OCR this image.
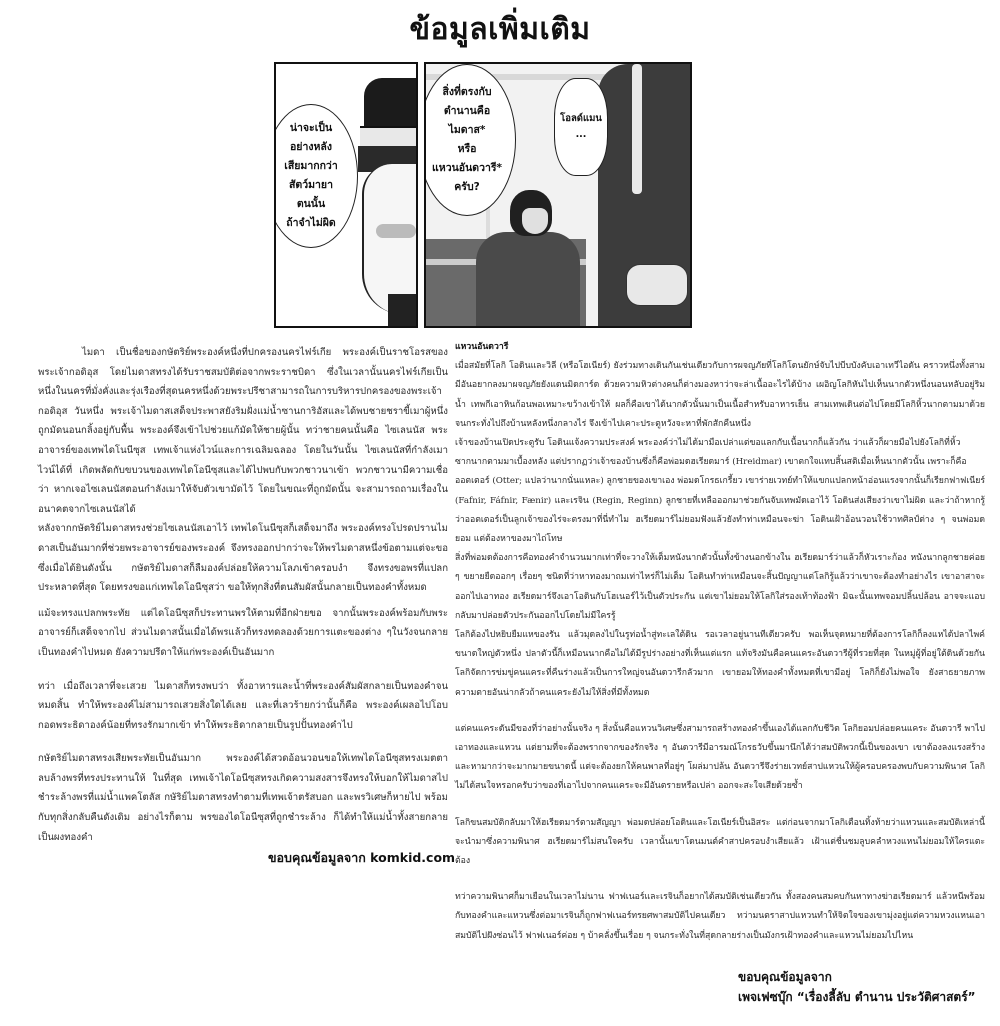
ข้อมูลเพิ่มเติม
น่าจะเป็น
อย่างหลัง
เสียมากกว่า
สัตว์มายา
ตนนั้น
ถ้าจำไม่ผิด
สิ่งที่ตรงกับ
ตำนานคือ
ไมดาส*
หรือ
แหวนอันดวารี*
ครับ?
โอลด์แมน
...

ไมดา เป็นชื่อของกษัตริย์พระองค์หนึ่งที่ปกครองนครไฟร์เกีย พระองค์เป็นราชโอรสของ พระเจ้ากอดิอุส โดยไมดาสทรงได้รับราชสมบัติต่อจากพระราชบิดา ซึ่งในเวลานั้นนครไฟร์เกียเป็นหนึ่งในนครที่มั่งคั่งและรุ่งเรืองที่สุดนครหนึ่งด้วยพระปรีชาสามารถในการบริหารปกครองของพระเจ้ากอดิอุส วันหนึ่ง พระเจ้าไมดาสเสด็จประพาสยังริมฝั่งแม่น้ำซานการิอัสและได้พบชายชราขี้เมาผู้หนึ่งถูกมัดนอนกลิ้งอยู่กับพื้น พระองค์จึงเข้าไปช่วยแก้มัดให้ชายผู้นั้น ทว่าชายคนนั้นคือ ไซเลนนัส พระอาจารย์ของเทพไดโนนีซุส เทพเจ้าแห่งไวน์และการเฉลิมฉลอง โดยในวันนั้น ไซเลนนัสที่กำลังเมาไวน์ได้ที่ เกิดพลัดกับขบวนของเทพไดโอนีซุสและได้ไปพบกับพวกชาวนาเข้า พวกชาวนามีความเชื่อว่า หากเจอไซเลนนัสตอนกำลังเมาให้จับตัวเขามัดไว้ โดยในขณะที่ถูกมัดนั้น จะสามารถถามเรื่องในอนาคตจากไซเลนนัสได้

หลังจากกษัตริย์ไมดาสทรงช่วยไซเลนนัสเอาไว้ เทพไดโนนีซุสก็เสด็จมาถึง พระองค์ทรงโปรดปรานไมดาสเป็นอันมากที่ช่วยพระอาจารย์ของพระองค์ จึงทรงออกปากว่าจะให้พรไมดาสหนึ่งข้อตามแต่จะขอ ซึ่งเมื่อได้ยินดังนั้น กษัตริย์ไมดาสก็ลืมองค์ปล่อยให้ความโลภเข้าครอบงำ จึงทรงขอพรที่แปลกประหลาดที่สุด โดยทรงขอแก่เทพไดโอนีซุสว่า ขอให้ทุกสิ่งที่ตนสัมผัสนั้นกลายเป็นทองคำทั้งหมด

แม้จะทรงแปลกพระทัย แต่ไดโอนีซุสก็ประทานพรให้ตามที่อีกฝ่ายขอ จากนั้นพระองค์พร้อมกับพระอาจารย์ก็เสด็จจากไป ส่วนไมดาสนั้นเมื่อได้พรแล้วก็ทรงทดลองด้วยการแตะของต่าง ๆในวังจนกลายเป็นทองคำไปหมด ยังความปรีดาให้แก่พระองค์เป็นอันมาก

ทว่า เมื่อถึงเวลาที่จะเสวย ไมดาสก็ทรงพบว่า ทั้งอาหารและน้ำที่พระองค์สัมผัสกลายเป็นทองคำจนหมดสิ้น ทำให้พระองค์ไม่สามารถเสวยสิ่งใดได้เลย และที่เลวร้ายกว่านั้นก็คือ พระองค์เผลอไปโอบกอดพระธิดาองค์น้อยที่ทรงรักมากเข้า ทำให้พระธิดากลายเป็นรูปปั้นทองคำไป

กษัตริย์ไมดาสทรงเสียพระทัยเป็นอันมาก พระองค์ได้สวดอ้อนวอนขอให้เทพไดโอนีซุสทรงเมตตาลบล้างพรที่ทรงประทานให้ ในที่สุด เทพเจ้าไดโอนีซุสทรงเกิดความสงสารจึงทรงให้บอกให้ไมดาสไปชำระล้างพรที่แม่น้ำแพคโตลัส กษัริย์ไมดาสทรงทำตามที่เทพเจ้าตรัสบอก และพรวิเศษก็หายไป พร้อมกับทุกสิ่งกลับคืนดังเดิม อย่างไรก็ตาม พรของไดโอนีซุสที่ถูกชำระล้าง ก็ได้ทำให้แม่น้ำทั้งสายกลายเป็นผงทองคำ

ขอบคุณข้อมูลจาก komkid.com

แหวนอันดวารี

เมื่อสมัยที่โลกิ โอดินและวิลี (หรือโฮเนียร์) ยังร่วมทางเดินกันเช่นเดียวกับการผจญภัยที่โลกิโดนยักษ์จับไปบีบบังคับเอาเทวีไอดัน คราวหนึ่งทั้งสามมีอันอยากลงมาผจญภัยยังแดนมิดการ์ด ด้วยความหิวต่างคนก็ต่างมองหาว่าจะล่าเนื้ออะไรได้บ้าง เผอิญโลกิหันไปเห็นนากตัวหนึ่งนอนหลับอยู่ริมน้ำ เทพกีเอาหินก้อนพอเหมาะขว้างเข้าให้ ผลก็คือเขาได้นากตัวนั้นมาเป็นเนื้อสำหรับอาหารเย็น สามเทพเดินต่อไปโดยมีโลกิหิ้วนากตามมาด้วย จนกระทั่งไปถึงบ้านหลังหนึ่งกลางไร่ จึงเข้าไปเคาะประตูหวังจะหาที่พักสักคืนหนึ่ง

เจ้าของบ้านเปิดประตูรับ โอดินแจ้งความประสงค์ พระองค์ว่าไม่ได้มามือเปล่าแต่ขอแลกกับเนื้อนากก็แล้วกัน ว่าแล้วก็ผายมือไปยังโลกิที่หิ้ว

ซากนากตามมาเบื้องหลัง แต่ปรากฏว่าเจ้าของบ้านซึ่งก็คือพ่อมดฮเรียดมาร์ (Hreidmar) เขาตกใจแทบสิ้นสติเมื่อเห็นนากตัวนั้น เพราะก็คือ

ออตเตอร์ (Otter; แปลว่านากนั่นแหละ) ลูกชายของเขาเอง พ่อมดโกรธเกรี้ยว เขาร่ายเวทย์ทำให้แขกแปลกหน้าอ่อนแรงจากนั้นก็เรียกฟาฟเนียร์ (Fafnir, Fáfnir, Fænir) และเรจิน (Regin, Reginn) ลูกชายที่เหลือออกมาช่วยกันจับเทพมัดเอาไว้ โอดินส่งเสียงว่าเขาไม่ผิด และว่าถ้าหากรู้ว่าออตเตอร์เป็นลูกเจ้าของไร่จะตรงมาที่นี่ทำไม ฮเรียดมาร์ไม่ยอมฟังแล้วยังทำท่าเหมือนจะฆ่า โอดินเฝ้าอ้อนวอนใช้วาทศิลป์ต่าง ๆ จนพ่อมดยอม แต่ต้องหาของมาไถ่โทษ

สิ่งที่พ่อมดต้องการคือทองคำจำนวนมากเท่าที่จะวางให้เต็มหนังนากตัวนั้นทั้งข้างนอกข้างใน ฮเรียดมาร์ว่าแล้วก็หัวเราะก้อง หนังนากลูกชายค่อย ๆ ขยายยืดออกๆ เรื่อยๆ ชนิดที่ว่าหาทองมาถมเท่าไหร่ก็ไม่เต็ม โอดินทำท่าเหมือนจะสิ้นปัญญาแต่โลกิรู้แล้วว่าเขาจะต้องทำอย่างไร เขาอาสาจะออกไปเอาทอง ฮเรียดมาร์จึงเอาโอดินกับโฮเนอร์ไว้เป็นตัวประกัน แต่เขาไม่ยอมให้โลกิใส่รองเท้าท้องฟ้า มิฉะนั้นเทพจอมปลิ้นปล้อน อาจจะแอบกลับมาปล่อยตัวประกันออกไปโดยไม่มีใครรู้

โลกิต้องไปหยิบยืมแหของรัน แล้วมุดลงไปในรูท่อน้ำสู่ทะเลใต้ดิน รอเวลาอยู่นานทีเดียวครับ พอเห็นจุดหมายที่ต้องการโลกิก็ลงแหได้ปลาไพค์ขนาดใหญ่ตัวหนึ่ง ปลาตัวนี้ก็เหมือนนากคือไม่ได้มีรูปร่างอย่างที่เห็นแต่แรก แท้จริงมันคือคนแคระอันดวารีผู้ที่รวยที่สุด ในหมู่ผู้ที่อยู่ใต้ดินด้วยกัน โลกิจัดการข่มขู่คนแคระที่คืนร่างแล้วเป็นการใหญ่จนอันดวารีกลัวมาก เขายอมให้ทองคำทั้งหมดที่เขามีอยู่ โลกิก็ยังไม่พอใจ ยังสาธยายภาพความตายอันน่ากลัวถ้าคนแคระยังไม่ให้สิ่งที่มีทั้งหมด

แต่คนแคระดันมีของที่ว่าอย่างนั้นจริง ๆ สิ่งนั้นคือแหวนวิเศษซึ่งสามารถสร้างทองคำขึ้นเองได้แลกกับชีวิต โลกิยอมปล่อยคนแคระ อันดวารี พาไปเอาทองและแหวน แต่ยามที่จะต้องพรากจากของรักจริง ๆ อันดวารีมีอารมณ์โกรธวับขึ้นมานึกได้ว่าสมบัติพวกนี้เป็นของเขา เขาต้องลงแรงสร้างและหามากว่าจะมากมายขนาดนี้ แต่จะต้องยกให้คนพาลที่อยู่ๆ โผล่มาปล้น อันดวารีจึงร่ายเวทย์สาปแหวนให้ผู้ครอบครองพบกับความพินาศ โลกิไม่ได้สนใจหรอกครับว่าของที่เอาไปจากคนแคระจะมีอันตรายหรือเปล่า ออกจะสะใจเสียด้วยซ้ำ

โลกิขนสมบัติกลับมาให้ฮเรียดมาร์ตามสัญญา พ่อมดปล่อยโอดินและโฮเนียร์เป็นอิสระ แต่ก่อนจากมาโลกิเตือนทิ้งท้ายว่าแหวนและสมบัติเหล่านี้จะนำมาซึ่งความพินาศ ฮเรียดมาร์ไม่สนใจครับ เวลานั้นเขาโดนมนต์คำสาปครอบงำเสียแล้ว เฝ้าแต่ชื่นชมลูบคลำหวงแหนไม่ยอมให้ใครแตะต้อง

ทว่าความพินาศก็มาเยือนในเวลาไม่นาน ฟาฟเนอร์และเรจินก็อยากได้สมบัติเช่นเดียวกัน ทั้งสองคนสมคบกันหาทางฆ่าฮเรียดมาร์ แล้วหนีพร้อมกับทองคำและแหวนซึ่งต่อมาเรจินก็ถูกฟาฟเนอร์ทรยศพาสมบัติไปคนเดียว ทว่ามนตราสาปแหวนทำให้จิตใจของเขามุ่งอยู่แต่ความหวงแหนเอาสมบัติไปฝังซ่อนไว้ ฟาฟเนอร์ค่อย ๆ บ้าคลั่งขึ้นเรื่อย ๆ จนกระทั่งในที่สุดกลายร่างเป็นมังกรเฝ้าทองคำและแหวนไม่ยอมไปไหน

ขอบคุณข้อมูลจาก
เพจเฟซบุ๊ก “เรื่องลี้ลับ ตำนาน ประวัติศาสตร์”
